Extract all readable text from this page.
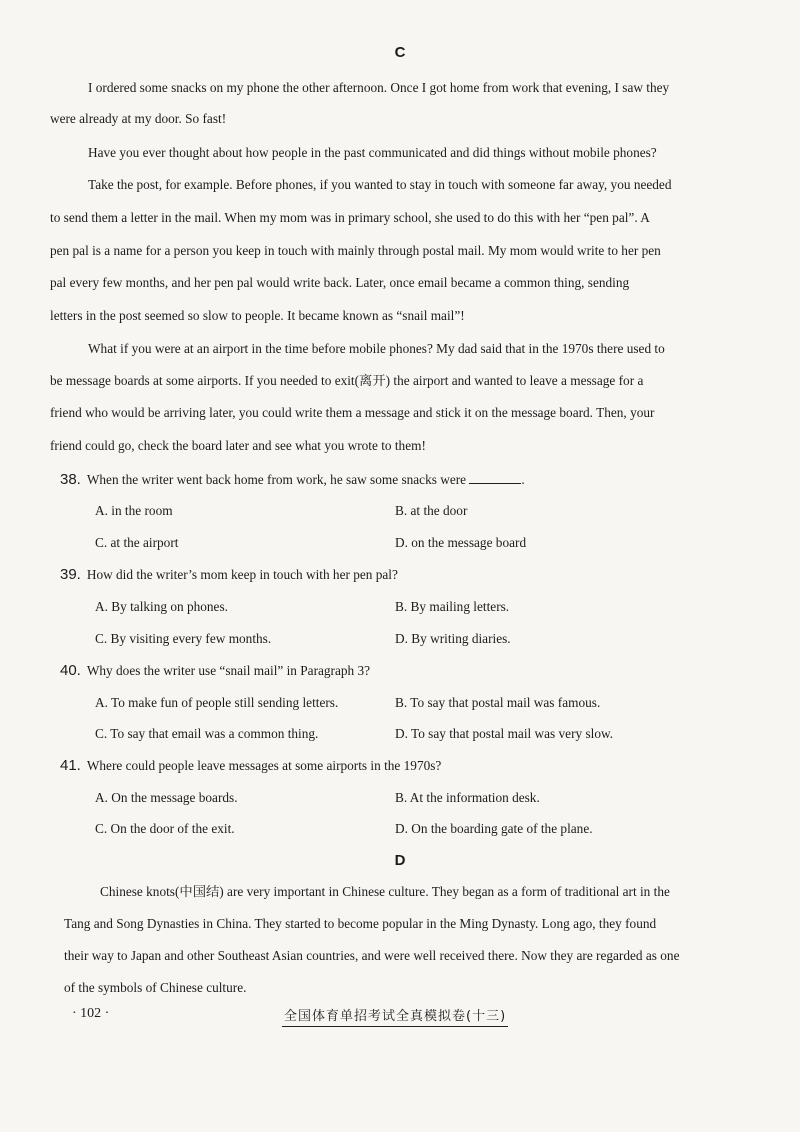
C
I ordered some snacks on my phone the other afternoon. Once I got home from work that evening, I saw they
were already at my door. So fast!
Have you ever thought about how people in the past communicated and did things without mobile phones?
Take the post, for example. Before phones, if you wanted to stay in touch with someone far away, you needed
to send them a letter in the mail. When my mom was in primary school, she used to do this with her “pen pal”. A
pen pal is a name for a person you keep in touch with mainly through postal mail. My mom would write to her pen
pal every few months, and her pen pal would write back. Later, once email became a common thing, sending
letters in the post seemed so slow to people. It became known as “snail mail”!
What if you were at an airport in the time before mobile phones? My dad said that in the 1970s there used to
be message boards at some airports. If you needed to exit(离开) the airport and wanted to leave a message for a
friend who would be arriving later, you could write them a message and stick it on the message board. Then, your
friend could go, check the board later and see what you wrote to them!
38. When the writer went back home from work, he saw some snacks were	.
A. in the room	B. at the door
C. at the airport	D. on the message board
39. How did the writer’s mom keep in touch with her pen pal?
A. By talking on phones.	B. By mailing letters.
C. By visiting every few months.	D. By writing diaries.
40. Why does the writer use “snail mail” in Paragraph 3?
A. To make fun of people still sending letters.	B. To say that postal mail was famous.
C. To say that email was a common thing.	D. To say that postal mail was very slow.
41. Where could people leave messages at some airports in the 1970s?
A. On the message boards.	B. At the information desk.
C. On the door of the exit.	D. On the boarding gate of the plane.
D
Chinese knots(中国结) are very important in Chinese culture. They began as a form of traditional art in the
Tang and Song Dynasties in China. They started to become popular in the Ming Dynasty. Long ago, they found
their way to Japan and other Southeast Asian countries, and were well received there. Now they are regarded as one
of the symbols of Chinese culture.
· 102 ·	全国体育单招考试全真模拟卷(十三)
